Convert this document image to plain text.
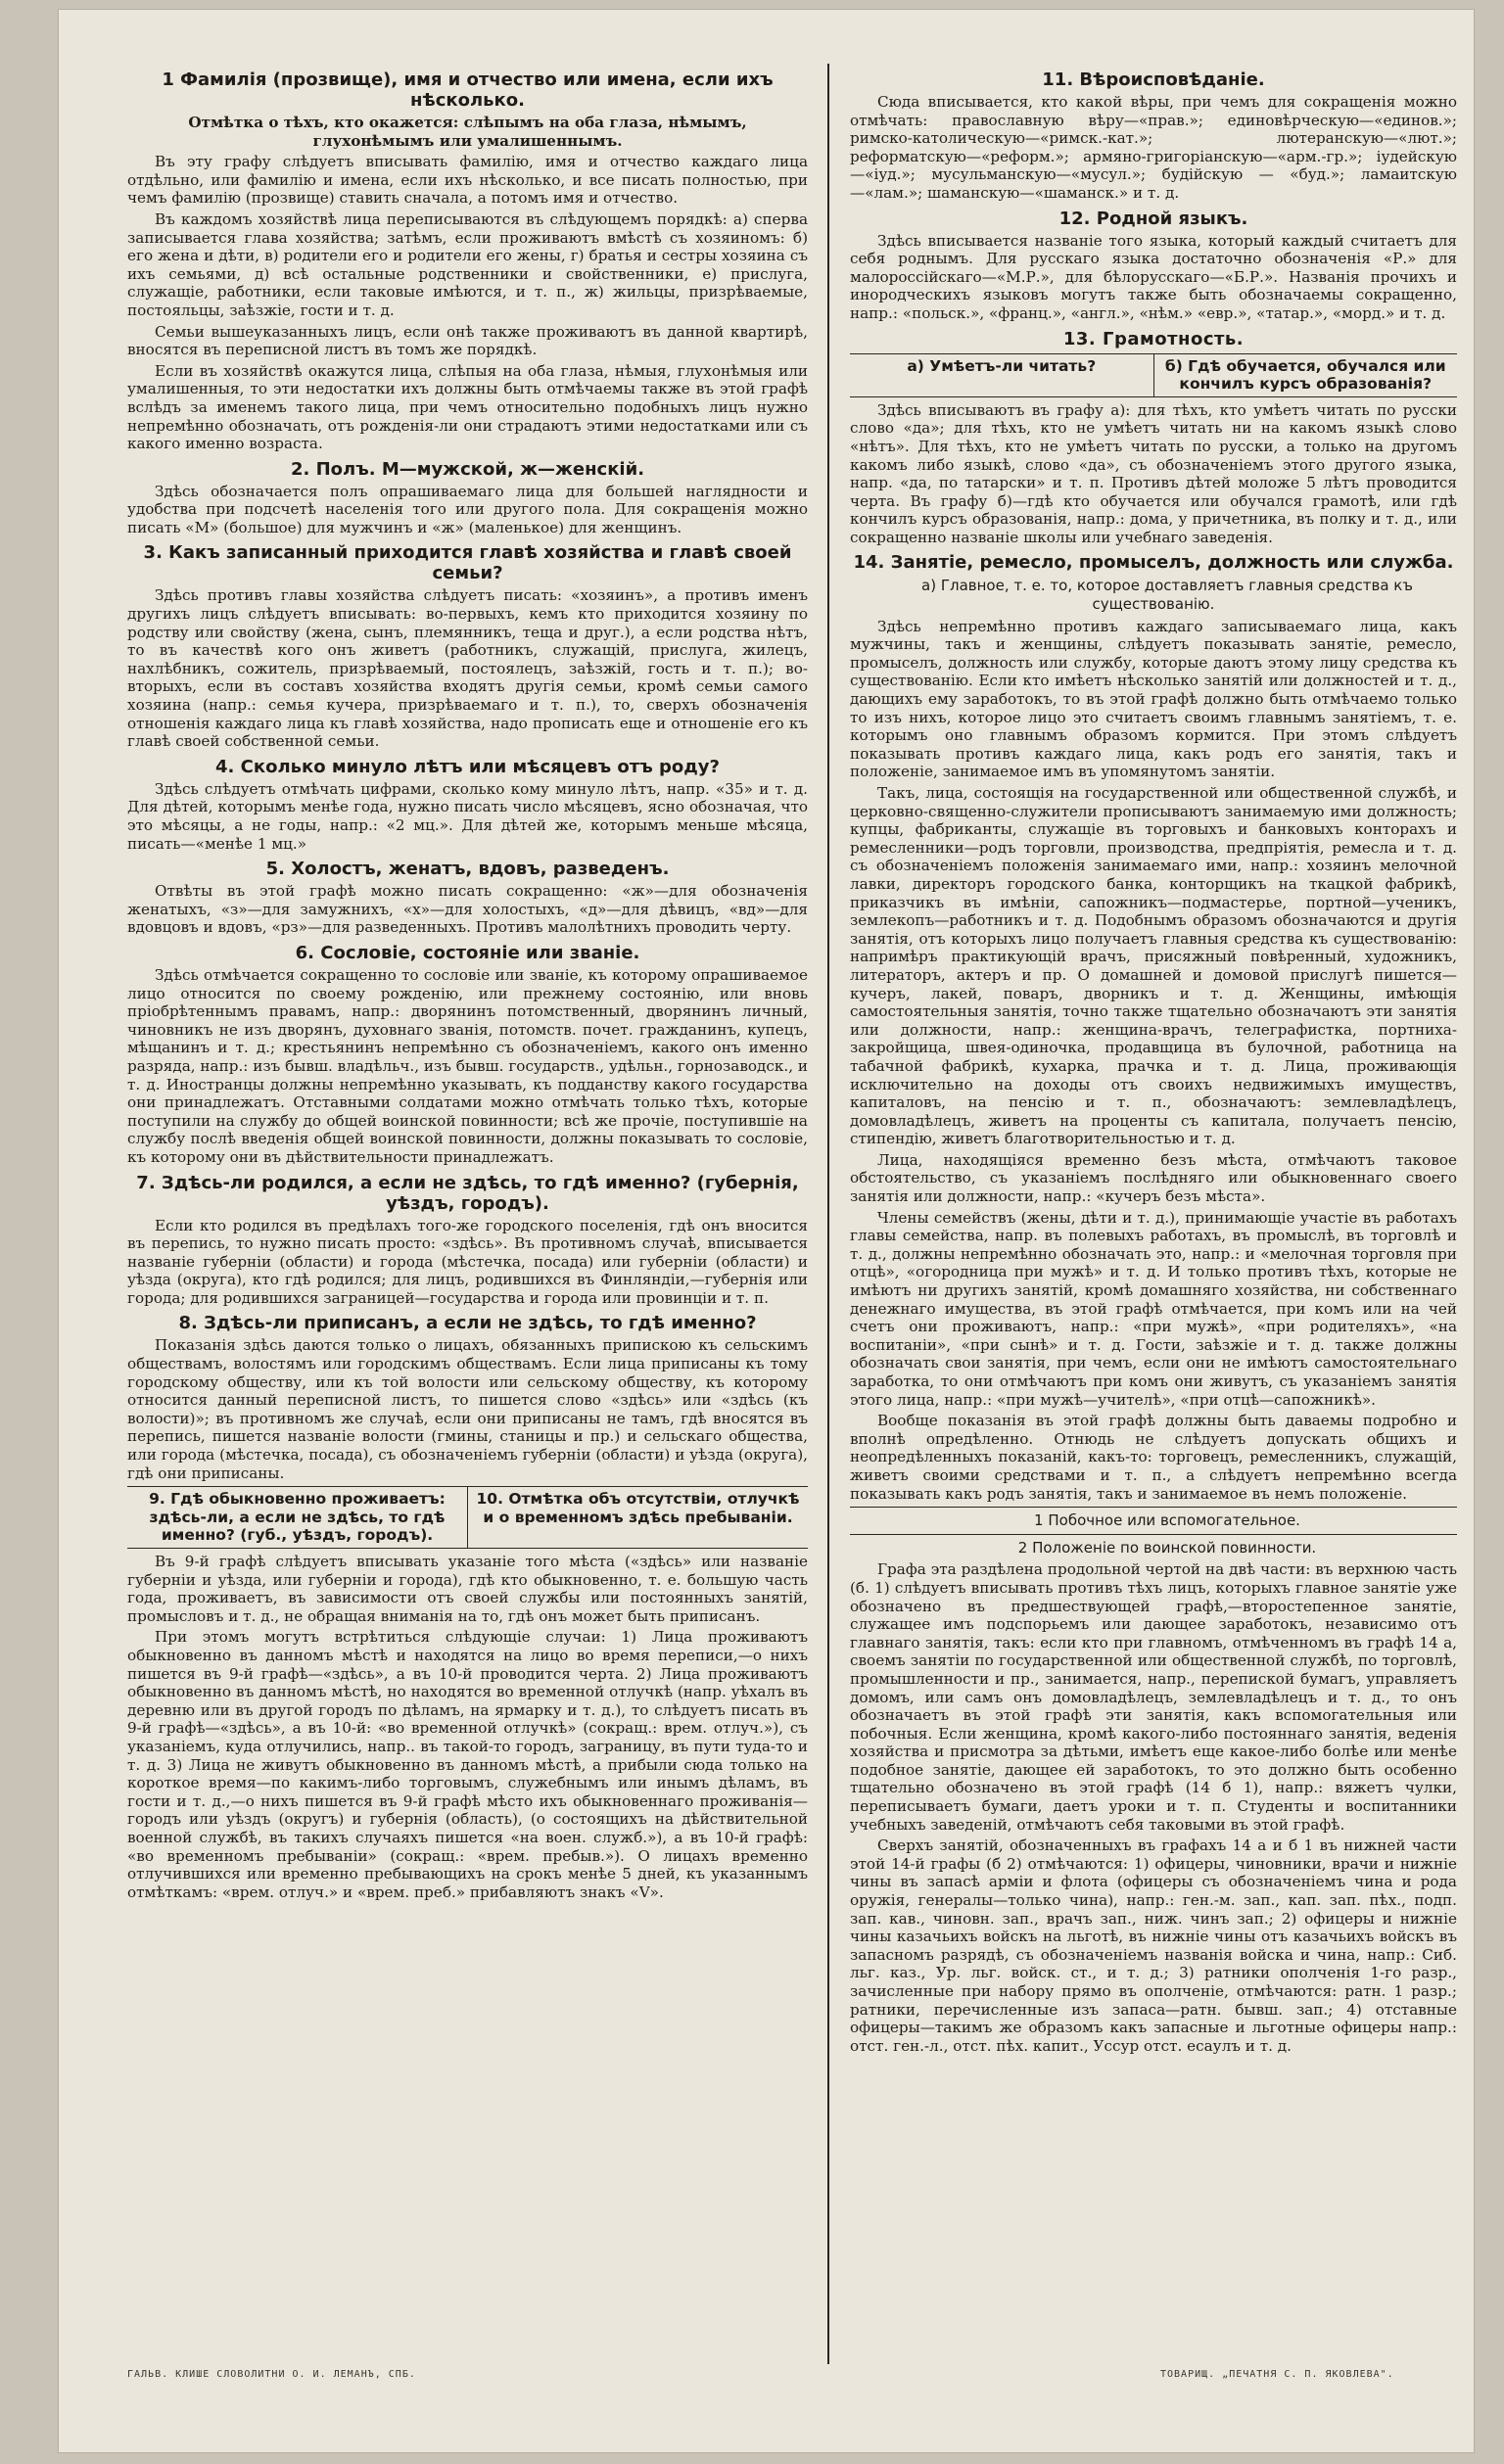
1 Фамилія (прозвище), имя и отчество или имена, если ихъ нѣсколько.

Отмѣтка о тѣхъ, кто окажется: слѣпымъ на оба глаза, нѣмымъ, глухонѣмымъ или умалишеннымъ.

Въ эту графу слѣдуетъ вписывать фамилію, имя и отчество каждаго лица отдѣльно, или фамилію и имена, если ихъ нѣсколько, и все писать полностью, при чемъ фамилію (прозвище) ставить сначала, а потомъ имя и отчество.

Въ каждомъ хозяйствѣ лица переписываются въ слѣдующемъ порядкѣ: а) сперва записывается глава хозяйства; затѣмъ, если проживаютъ вмѣстѣ съ хозяиномъ: б) его жена и дѣти, в) родители его и родители его жены, г) братья и сестры хозяина съ ихъ семьями, д) всѣ остальные родственники и свойственники, е) прислуга, служащіе, работники, если таковые имѣются, и т. п., ж) жильцы, призрѣваемые, постояльцы, заѣзжіе, гости и т. д.

Семьи вышеуказанныхъ лицъ, если онѣ также проживаютъ въ данной квартирѣ, вносятся въ переписной листъ въ томъ же порядкѣ.

Если въ хозяйствѣ окажутся лица, слѣпыя на оба глаза, нѣмыя, глухонѣмыя или умалишенныя, то эти недостатки ихъ должны быть отмѣчаемы также въ этой графѣ вслѣдъ за именемъ такого лица, при чемъ относительно подобныхъ лицъ нужно непремѣнно обозначать, отъ рожденія-ли они страдаютъ этими недостатками или съ какого именно возраста.

2. Полъ. М—мужской, ж—женскій.

Здѣсь обозначается полъ опрашиваемаго лица для большей наглядности и удобства при подсчетѣ населенія того или другого пола. Для сокращенія можно писать «М» (большое) для мужчинъ и «ж» (маленькое) для женщинъ.

3. Какъ записанный приходится главѣ хозяйства и главѣ своей семьи?

Здѣсь противъ главы хозяйства слѣдуетъ писать: «хозяинъ», а противъ именъ другихъ лицъ слѣдуетъ вписывать: во-первыхъ, кемъ кто приходится хозяину по родству или свойству (жена, сынъ, племянникъ, теща и друг.), а если родства нѣтъ, то въ качествѣ кого онъ живетъ (работникъ, служащій, прислуга, жилецъ, нахлѣбникъ, сожитель, призрѣваемый, постоялецъ, заѣзжій, гость и т. п.); во-вторыхъ, если въ составъ хозяйства входятъ другія семьи, кромѣ семьи самого хозяина (напр.: семья кучера, призрѣваемаго и т. п.), то, сверхъ обозначенія отношенія каждаго лица къ главѣ хозяйства, надо прописать еще и отношеніе его къ главѣ своей собственной семьи.

4. Сколько минуло лѣтъ или мѣсяцевъ отъ роду?

Здѣсь слѣдуетъ отмѣчать цифрами, сколько кому минуло лѣтъ, напр. «35» и т. д. Для дѣтей, которымъ менѣе года, нужно писать число мѣсяцевъ, ясно обозначая, что это мѣсяцы, а не годы, напр.: «2 мц.». Для дѣтей же, которымъ меньше мѣсяца, писать—«менѣе 1 мц.»

5. Холостъ, женатъ, вдовъ, разведенъ.

Отвѣты въ этой графѣ можно писать сокращенно: «ж»—для обозначенія женатыхъ, «з»—для замужнихъ, «х»—для холостыхъ, «д»—для дѣвицъ, «вд»—для вдовцовъ и вдовъ, «рз»—для разведенныхъ. Противъ малолѣтнихъ проводить черту.

6. Сословіе, состояніе или званіе.

Здѣсь отмѣчается сокращенно то сословіе или званіе, къ которому опрашиваемое лицо относится по своему рожденію, или прежнему состоянію, или вновь пріобрѣтеннымъ правамъ, напр.: дворянинъ потомственный, дворянинъ личный, чиновникъ не изъ дворянъ, духовнаго званія, потомств. почет. гражданинъ, купецъ, мѣщанинъ и т. д.; крестьянинъ непремѣнно съ обозначеніемъ, какого онъ именно разряда, напр.: изъ бывш. владѣльч., изъ бывш. государств., удѣльн., горнозаводск., и т. д. Иностранцы должны непремѣнно указывать, къ подданству какого государства они принадлежатъ. Отставными солдатами можно отмѣчать только тѣхъ, которые поступили на службу до общей воинской повинности; всѣ же прочіе, поступившіе на службу послѣ введенія общей воинской повинности, должны показывать то сословіе, къ которому они въ дѣйствительности принадлежатъ.

7. Здѣсь-ли родился, а если не здѣсь, то гдѣ именно? (губернія, уѣздъ, городъ).

Если кто родился въ предѣлахъ того-же городского поселенія, гдѣ онъ вносится въ перепись, то нужно писать просто: «здѣсь». Въ противномъ случаѣ, вписывается названіе губерніи (области) и города (мѣстечка, посада) или губерніи (области) и уѣзда (округа), кто гдѣ родился; для лицъ, родившихся въ Финляндіи,—губернія или города; для родившихся заграницей—государства и города или провинціи и т. п.

8. Здѣсь-ли приписанъ, а если не здѣсь, то гдѣ именно?

Показанія здѣсь даются только о лицахъ, обязанныхъ припискою къ сельскимъ обществамъ, волостямъ или городскимъ обществамъ. Если лица приписаны къ тому городскому обществу, или къ той волости или сельскому обществу, къ которому относится данный переписной листъ, то пишется слово «здѣсь» или «здѣсь (къ волости)»; въ противномъ же случаѣ, если они приписаны не тамъ, гдѣ вносятся въ перепись, пишется названіе волости (гмины, станицы и пр.) и сельскаго общества, или города (мѣстечка, посада), съ обозначеніемъ губерніи (области) и уѣзда (округа), гдѣ они приписаны.

9. Гдѣ обыкновенно проживаетъ: здѣсь-ли, а если не здѣсь, то гдѣ именно? (губ., уѣздъ, городъ).
10. Отмѣтка объ отсутствіи, отлучкѣ и о временномъ здѣсь пребываніи.

Въ 9-й графѣ слѣдуетъ вписывать указаніе того мѣста («здѣсь» или названіе губерніи и уѣзда, или губерніи и города), гдѣ кто обыкновенно, т. е. большую часть года, проживаетъ, въ зависимости отъ своей службы или постоянныхъ занятій, промысловъ и т. д., не обращая вниманія на то, гдѣ онъ может быть приписанъ.

При этомъ могутъ встрѣтиться слѣдующіе случаи: 1) Лица проживаютъ обыкновенно въ данномъ мѣстѣ и находятся на лицо во время переписи,—о нихъ пишется въ 9-й графѣ—«здѣсь», а въ 10-й проводится черта. 2) Лица проживаютъ обыкновенно въ данномъ мѣстѣ, но находятся во временной отлучкѣ (напр. уѣхалъ въ деревню или въ другой городъ по дѣламъ, на ярмарку и т. д.), то слѣдуетъ писать въ 9-й графѣ—«здѣсь», а въ 10-й: «во временной отлучкѣ» (сокращ.: врем. отлуч.»), съ указаніемъ, куда отлучились, напр.. въ такой-то городъ, заграницу, въ пути туда-то и т. д. 3) Лица не живутъ обыкновенно въ данномъ мѣстѣ, а прибыли сюда только на короткое время—по какимъ-либо торговымъ, служебнымъ или инымъ дѣламъ, въ гости и т. д.,—о нихъ пишется въ 9-й графѣ мѣсто ихъ обыкновеннаго проживанія—городъ или уѣздъ (округъ) и губернія (область), (о состоящихъ на дѣйствительной военной службѣ, въ такихъ случаяхъ пишется «на воен. служб.»), а въ 10-й графѣ: «во временномъ пребываніи» (сокращ.: «врем. пребыв.»). О лицахъ временно отлучившихся или временно пребывающихъ на срокъ менѣе 5 дней, къ указаннымъ отмѣткамъ: «врем. отлуч.» и «врем. преб.» прибавляютъ знакъ «V».

11. Вѣроисповѣданіе.

Сюда вписывается, кто какой вѣры, при чемъ для сокращенія можно отмѣчать: православную вѣру—«прав.»; единовѣрческую—«единов.»; римско-католическую—«римск.-кат.»; лютеранскую—«лют.»; реформатскую—«реформ.»; армяно-григоріанскую—«арм.-гр.»; іудейскую—«іуд.»; мусульманскую—«мусул.»; будійскую — «буд.»; ламаитскую—«лам.»; шаманскую—«шаманск.» и т. д.

12. Родной языкъ.

Здѣсь вписывается названіе того языка, который каждый считаетъ для себя роднымъ. Для русскаго языка достаточно обозначенія «Р.» для малороссійскаго—«М.Р.», для бѣлорусскаго—«Б.Р.». Названія прочихъ и инородческихъ языковъ могутъ также быть обозначаемы сокращенно, напр.: «польск.», «франц.», «англ.», «нѣм.» «евр.», «татар.», «морд.» и т. д.

13. Грамотность.
а) Умѣетъ-ли читать?	б) Гдѣ обучается, обучался или кончилъ курсъ образованія?

Здѣсь вписываютъ въ графу а): для тѣхъ, кто умѣетъ читать по русски слово «да»; для тѣхъ, кто не умѣетъ читать ни на какомъ языкѣ слово «нѣтъ». Для тѣхъ, кто не умѣетъ читать по русски, а только на другомъ какомъ либо языкѣ, слово «да», съ обозначеніемъ этого другого языка, напр. «да, по татарски» и т. п. Противъ дѣтей моложе 5 лѣтъ проводится черта. Въ графу б)—гдѣ кто обучается или обучался грамотѣ, или гдѣ кончилъ курсъ образованія, напр.: дома, у причетника, въ полку и т. д., или сокращенно названіе школы или учебнаго заведенія.

14. Занятіе, ремесло, промыселъ, должность или служба.

а) Главное, т. е. то, которое доставляетъ главныя средства къ существованію.

Здѣсь непремѣнно противъ каждаго записываемаго лица, какъ мужчины, такъ и женщины, слѣдуетъ показывать занятіе, ремесло, промыселъ, должность или службу, которые даютъ этому лицу средства къ существованію. Если кто имѣетъ нѣсколько занятій или должностей и т. д., дающихъ ему заработокъ, то въ этой графѣ должно быть отмѣчаемо только то изъ нихъ, которое лицо это считаетъ своимъ главнымъ занятіемъ, т. е. которымъ оно главнымъ образомъ кормится. При этомъ слѣдуетъ показывать противъ каждаго лица, какъ родъ его занятія, такъ и положеніе, занимаемое имъ въ упомянутомъ занятіи.

Такъ, лица, состоящія на государственной или общественной службѣ, и церковно-священно-служители прописываютъ занимаемую ими должность; купцы, фабриканты, служащіе въ торговыхъ и банковыхъ конторахъ и ремесленники—родъ торговли, производства, предпріятія, ремесла и т. д. съ обозначеніемъ положенія занимаемаго ими, напр.: хозяинъ мелочной лавки, директоръ городского банка, конторщикъ на ткацкой фабрикѣ, приказчикъ въ имѣніи, сапожникъ—подмастерье, портной—ученикъ, землекопъ—работникъ и т. д. Подобнымъ образомъ обозначаются и другія занятія, отъ которыхъ лицо получаетъ главныя средства къ существованію: напримѣръ практикующій врачъ, присяжный повѣренный, художникъ, литераторъ, актеръ и пр. О домашней и домовой прислугѣ пишется—кучеръ, лакей, поваръ, дворникъ и т. д. Женщины, имѣющія самостоятельныя занятія, точно также тщательно обозначаютъ эти занятія или должности, напр.: женщина-врачъ, телеграфистка, портниха-закройщица, швея-одиночка, продавщица въ булочной, работница на табачной фабрикѣ, кухарка, прачка и т. д. Лица, проживающія исключительно на доходы отъ своихъ недвижимыхъ имуществъ, капиталовъ, на пенсію и т. п., обозначаютъ: землевладѣлецъ, домовладѣлецъ, живетъ на проценты съ капитала, получаетъ пенсію, стипендію, живетъ благотворительностью и т. д.

Лица, находящіяся временно безъ мѣста, отмѣчаютъ таковое обстоятельство, съ указаніемъ послѣдняго или обыкновеннаго своего занятія или должности, напр.: «кучеръ безъ мѣста».

Члены семействъ (жены, дѣти и т. д.), принимающіе участіе въ работахъ главы семейства, напр. въ полевыхъ работахъ, въ промыслѣ, въ торговлѣ и т. д., должны непремѣнно обозначать это, напр.: и «мелочная торговля при отцѣ», «огородница при мужѣ» и т. д. И только противъ тѣхъ, которые не имѣютъ ни другихъ занятій, кромѣ домашняго хозяйства, ни собственнаго денежнаго имущества, въ этой графѣ отмѣчается, при комъ или на чей счетъ они проживаютъ, напр.: «при мужѣ», «при родителяхъ», «на воспитаніи», «при сынѣ» и т. д. Гости, заѣзжіе и т. д. также должны обозначать свои занятія, при чемъ, если они не имѣютъ самостоятельнаго заработка, то они отмѣчаютъ при комъ они живутъ, съ указаніемъ занятія этого лица, напр.: «при мужѣ—учителѣ», «при отцѣ—сапожникѣ».

Вообще показанія въ этой графѣ должны быть даваемы подробно и вполнѣ опредѣленно. Отнюдь не слѣдуетъ допускать общихъ и неопредѣленныхъ показаній, какъ-то: торговецъ, ремесленникъ, служащій, живетъ своими средствами и т. п., а слѣдуетъ непремѣнно всегда показывать какъ родъ занятія, такъ и занимаемое въ немъ положеніе.

1 Побочное или вспомогательное.

2 Положеніе по воинской повинности.

Графа эта раздѣлена продольной чертой на двѣ части: въ верхнюю часть (б. 1) слѣдуетъ вписывать противъ тѣхъ лицъ, которыхъ главное занятіе уже обозначено въ предшествующей графѣ,—второстепенное занятіе, служащее имъ подспорьемъ или дающее заработокъ, независимо отъ главнаго занятія, такъ: если кто при главномъ, отмѣченномъ въ графѣ 14 а, своемъ занятіи по государственной или общественной службѣ, по торговлѣ, промышленности и пр., занимается, напр., перепиской бумагъ, управляетъ домомъ, или самъ онъ домовладѣлецъ, землевладѣлецъ и т. д., то онъ обозначаетъ въ этой графѣ эти занятія, какъ вспомогательныя или побочныя. Если женщина, кромѣ какого-либо постояннаго занятія, веденія хозяйства и присмотра за дѣтьми, имѣетъ еще какое-либо болѣе или менѣе подобное занятіе, дающее ей заработокъ, то это должно быть особенно тщательно обозначено въ этой графѣ (14 б 1), напр.: вяжетъ чулки, переписываетъ бумаги, даетъ уроки и т. п. Студенты и воспитанники учебныхъ заведеній, отмѣчаютъ себя таковыми въ этой графѣ.

Сверхъ занятій, обозначенныхъ въ графахъ 14 а и б 1 въ нижней части этой 14-й графы (б 2) отмѣчаются: 1) офицеры, чиновники, врачи и нижніе чины въ запасѣ арміи и флота (офицеры съ обозначеніемъ чина и рода оружія, генералы—только чина), напр.: ген.-м. зап., кап. зап. пѣх., подп. зап. кав., чиновн. зап., врачъ зап., ниж. чинъ зап.; 2) офицеры и нижніе чины казачьихъ войскъ на льготѣ, въ нижніе чины отъ казачьихъ войскъ въ запасномъ разрядѣ, съ обозначеніемъ названія войска и чина, напр.: Сиб. льг. каз., Ур. льг. войск. ст., и т. д.; 3) ратники ополченія 1-го разр., зачисленные при набору прямо въ ополченіе, отмѣчаются: ратн. 1 разр.; ратники, перечисленные изъ запаса—ратн. бывш. зап.; 4) отставные офицеры—такимъ же образомъ какъ запасные и льготные офицеры напр.: отст. ген.-л., отст. пѣх. капит., Уссур отст. есаулъ и т. д.

ГАЛЬВ. КЛИШЕ СЛОВОЛИТНИ О. И. ЛЕМАНЪ, СПБ.	ТОВАРИЩ. „ПЕЧАТНЯ С. П. ЯКОВЛЕВА".
